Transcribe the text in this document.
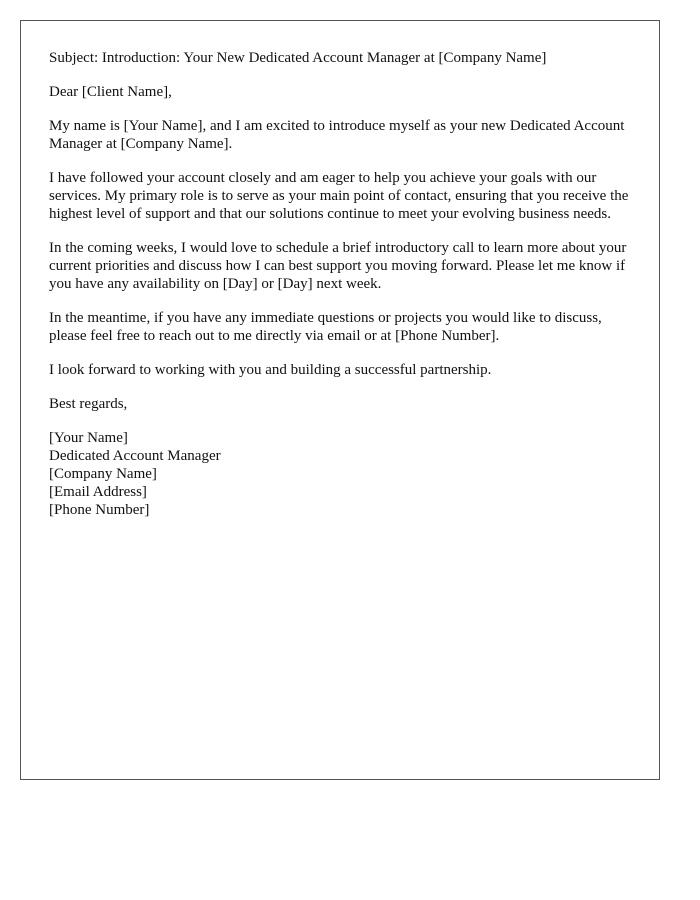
Subject: Introduction: Your New Dedicated Account Manager at [Company Name]

Dear [Client Name],

My name is [Your Name], and I am excited to introduce myself as your new Dedicated Account Manager at [Company Name].

I have followed your account closely and am eager to help you achieve your goals with our services. My primary role is to serve as your main point of contact, ensuring that you receive the highest level of support and that our solutions continue to meet your evolving business needs.

In the coming weeks, I would love to schedule a brief introductory call to learn more about your current priorities and discuss how I can best support you moving forward. Please let me know if you have any availability on [Day] or [Day] next week.

In the meantime, if you have any immediate questions or projects you would like to discuss, please feel free to reach out to me directly via email or at [Phone Number].

I look forward to working with you and building a successful partnership.

Best regards,

[Your Name]
Dedicated Account Manager
[Company Name]
[Email Address]
[Phone Number]
